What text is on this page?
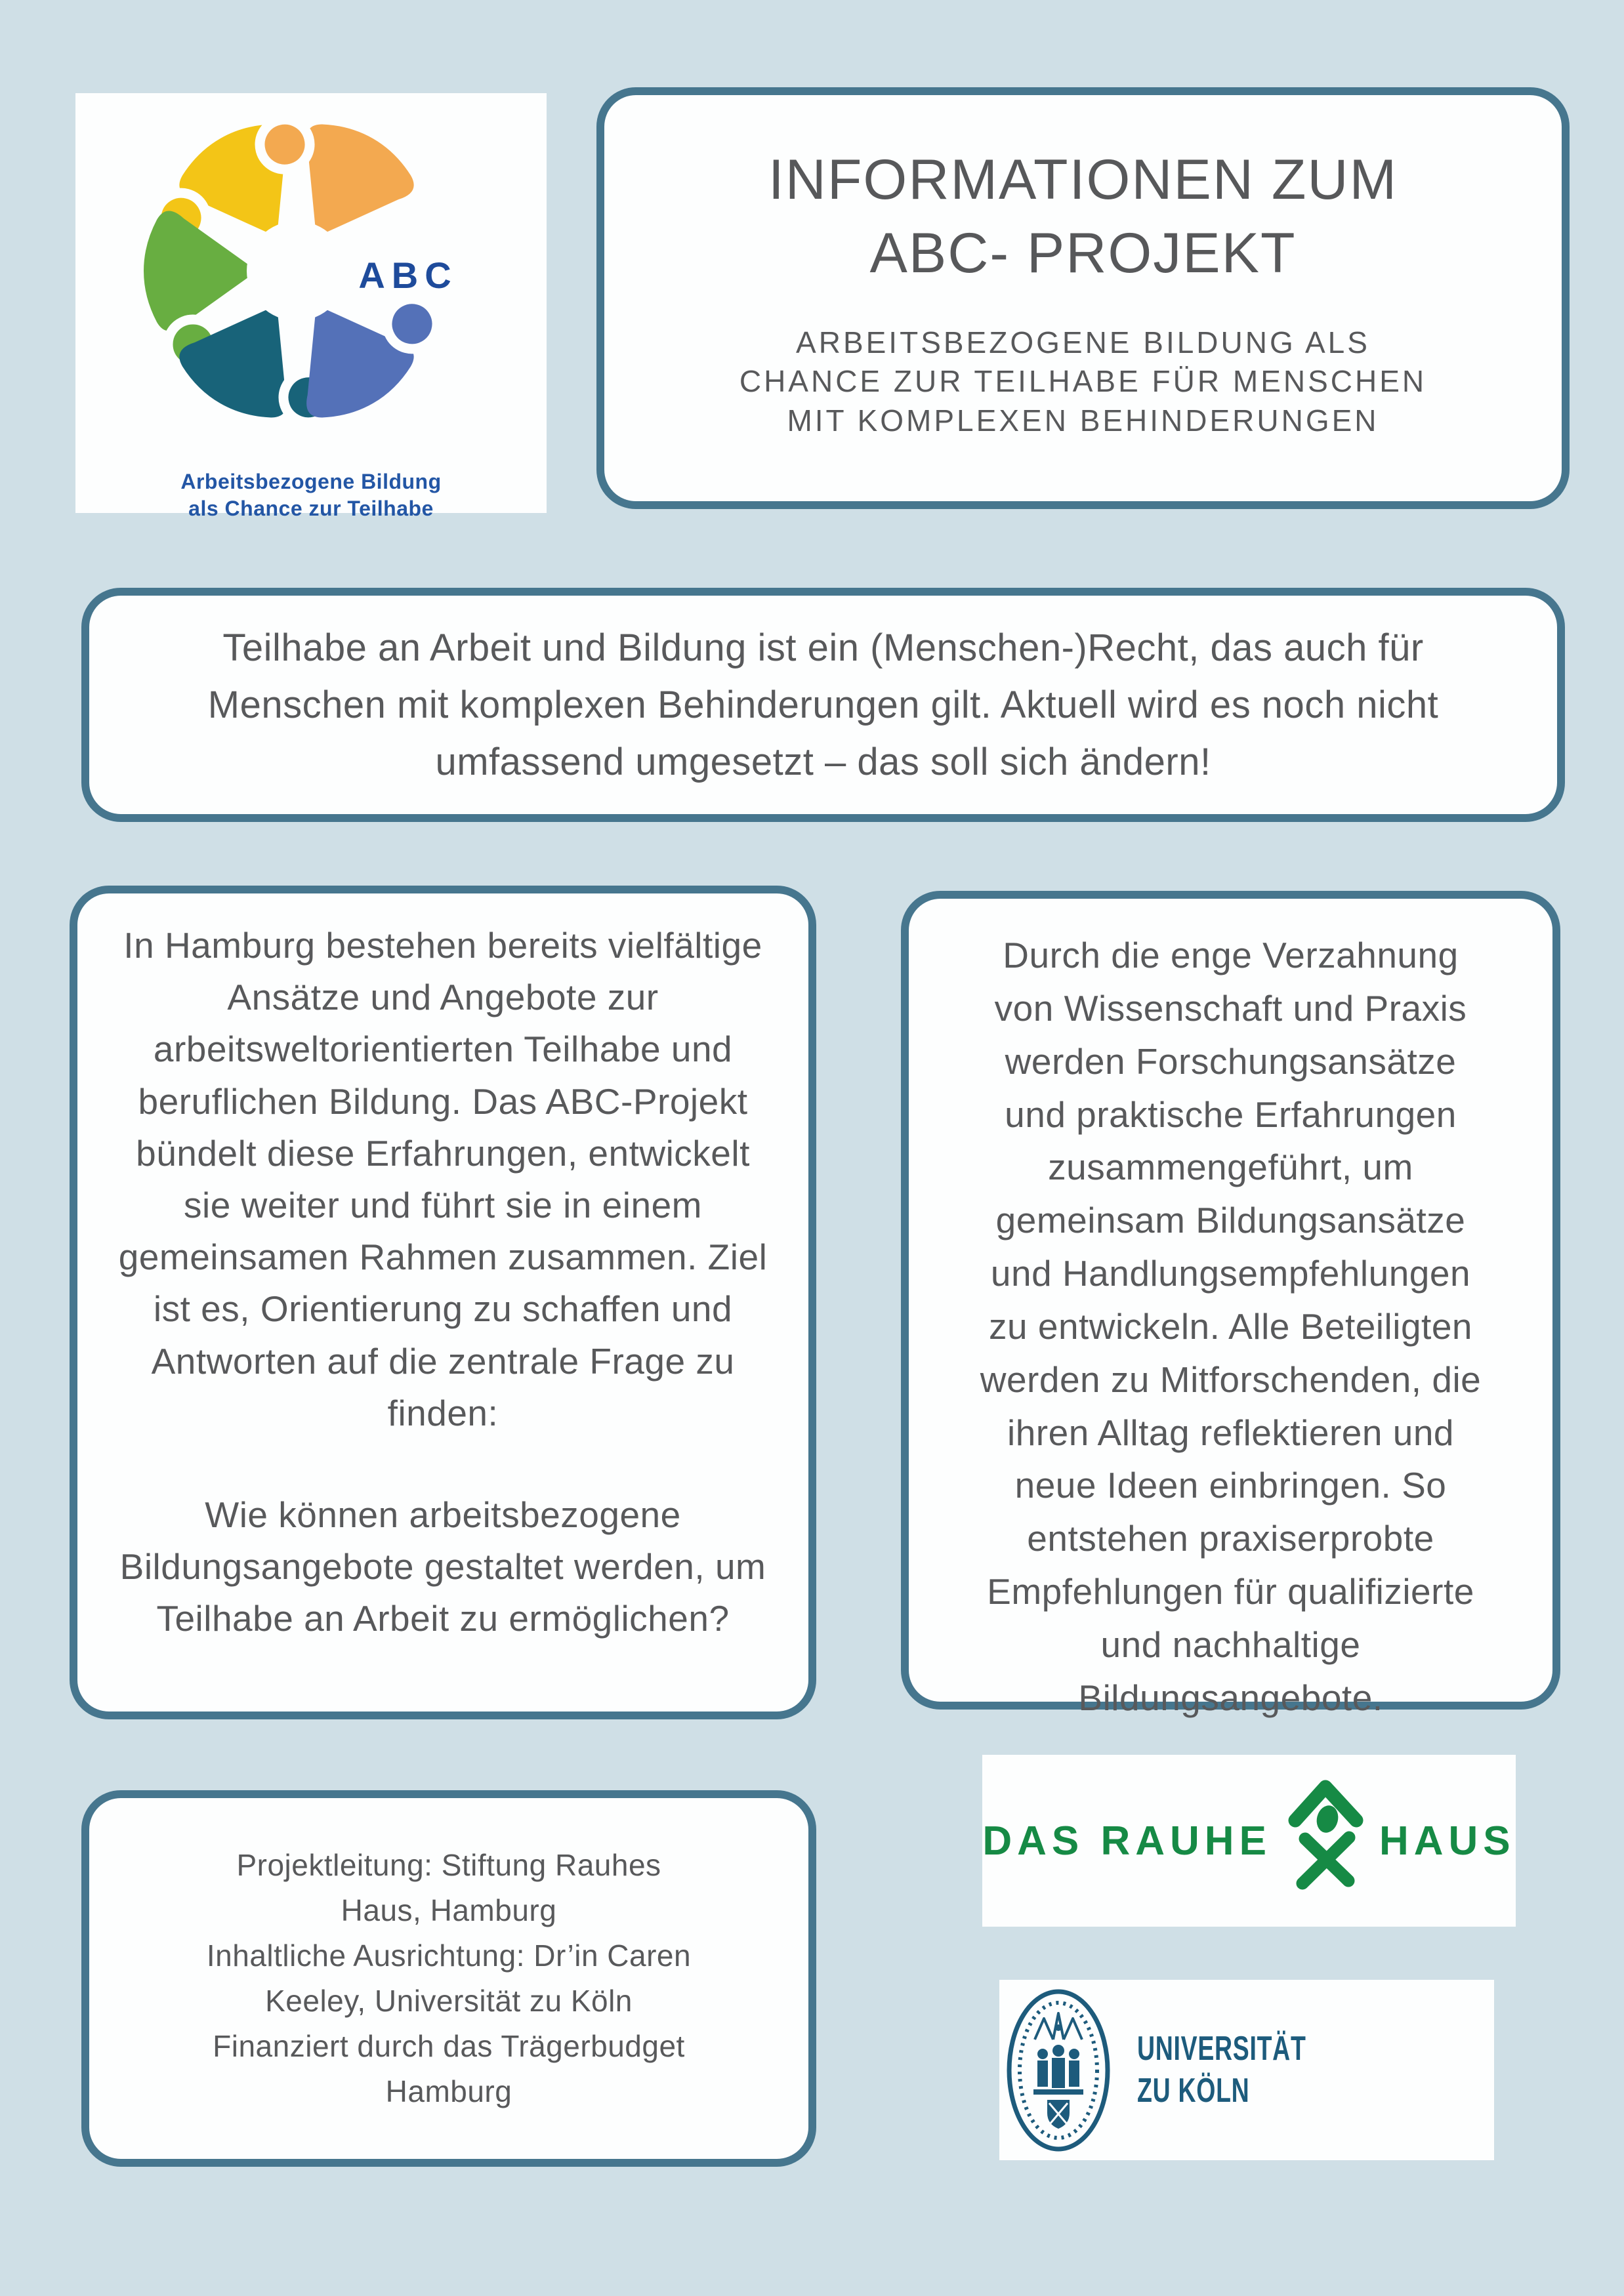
ABC
Arbeitsbezogene Bildung
als Chance zur Teilhabe
INFORMATIONEN ZUM
ABC- PROJEKT
ARBEITSBEZOGENE BILDUNG ALS
CHANCE ZUR TEILHABE FÜR MENSCHEN
MIT KOMPLEXEN BEHINDERUNGEN

Teilhabe an Arbeit und Bildung ist ein (Menschen-)Recht, das auch für Menschen mit komplexen Behinderungen gilt. Aktuell wird es noch nicht umfassend umgesetzt – das soll sich ändern!

In Hamburg bestehen bereits vielfältige Ansätze und Angebote zur arbeitsweltorientierten Teilhabe und beruflichen Bildung. Das ABC-Projekt bündelt diese Erfahrungen, entwickelt sie weiter und führt sie in einem gemeinsamen Rahmen zusammen. Ziel ist es, Orientierung zu schaffen und Antworten auf die zentrale Frage zu finden:

Wie können arbeitsbezogene Bildungsangebote gestaltet werden, um Teilhabe an Arbeit zu ermöglichen?

Durch die enge Verzahnung von Wissenschaft und Praxis werden Forschungsansätze und praktische Erfahrungen zusammengeführt, um gemeinsam Bildungsansätze und Handlungsempfehlungen zu entwickeln. Alle Beteiligten werden zu Mitforschenden, die ihren Alltag reflektieren und neue Ideen einbringen. So entstehen praxiserprobte Empfehlungen für qualifizierte und nachhaltige Bildungsangebote.

Projektleitung: Stiftung Rauhes Haus, Hamburg
Inhaltliche Ausrichtung: Dr’in Caren Keeley, Universität zu Köln
Finanziert durch das Trägerbudget Hamburg
DAS RAUHE	HAUS
UNIVERSITÄT
ZU KÖLN
